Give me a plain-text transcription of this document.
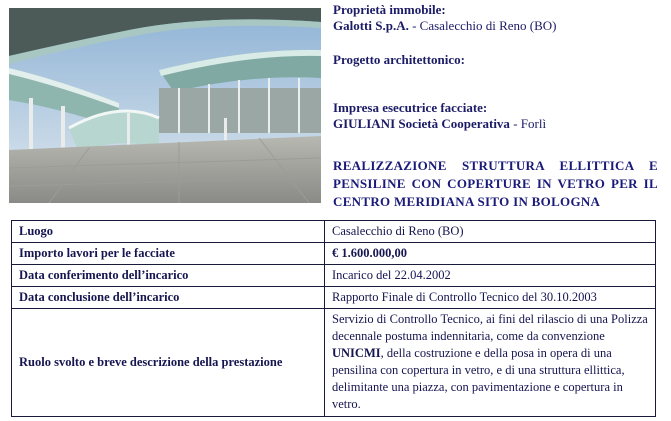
Proprietà immobile:
Galotti S.p.A. - Casalecchio di Reno (BO)
Progetto architettonico:
Impresa esecutrice facciate:
GIULIANI Società Cooperativa - Forlì
REALIZZAZIONE STRUTTURA ELLITTICA E PENSILINE CON COPERTURE IN VETRO PER IL CENTRO MERIDIANA SITO IN BOLOGNA
Luogo	Casalecchio di Reno (BO)
Importo lavori per le facciate	€ 1.600.000,00
Data conferimento dell’incarico	Incarico del 22.04.2002
Data conclusione dell’incarico	Rapporto Finale di Controllo Tecnico del 30.10.2003
Ruolo svolto e breve descrizione della prestazione	Servizio di Controllo Tecnico, ai fini del rilascio di una Polizza decennale postuma indennitaria, come da convenzione UNICMI, della costruzione e della posa in opera di una pensilina con copertura in vetro, e di una struttura ellittica, delimitante una piazza, con pavimentazione e copertura in vetro.
